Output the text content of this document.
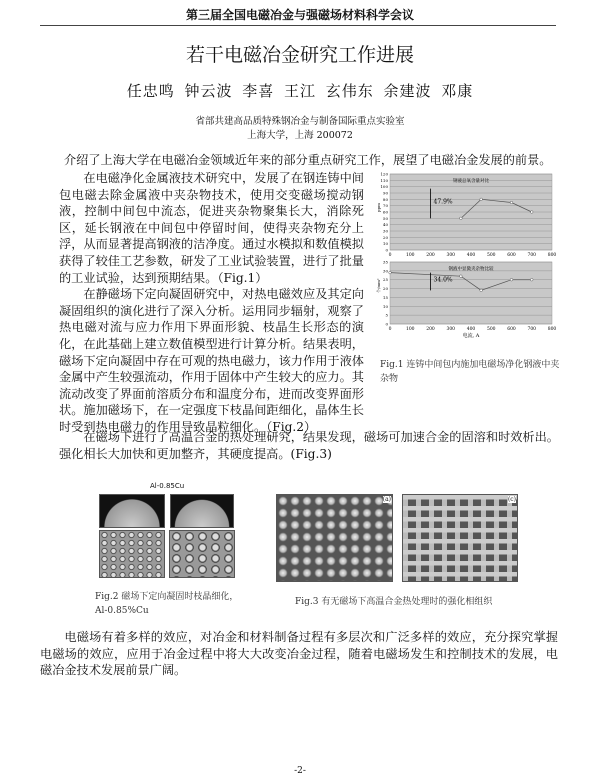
第三届全国电磁冶金与强磁场材料科学会议
若干电磁冶金研究工作进展
任忠鸣 钟云波 李喜 王江 玄伟东 余建波 邓康
省部共建高品质特殊钢冶金与制备国际重点实验室
上海大学，上海 200072

介绍了上海大学在电磁冶金领域近年来的部分重点研究工作，展望了电磁冶金发展的前景。

在电磁净化金属液技术研究中，发展了在钢连铸中间包电磁去除金属液中夹杂物技术，使用交变磁场搅动钢液，控制中间包中流态，促进夹杂物聚集长大，消除死区，延长钢液在中间包中停留时间，使得夹杂物充分上浮，从而显著提高钢液的洁净度。通过水模拟和数值模拟获得了较佳工艺参数，研发了工业试验装置，进行了批量的工业试验，达到预期结果。（Fig.1）

在静磁场下定向凝固研究中，对热电磁效应及其定向凝固组织的演化进行了深入分析。运用同步辐射，观察了热电磁对流与应力作用下界面形貌、枝晶生长形态的演化，在此基础上建立数值模型进行计算分析。结果表明，磁场下定向凝固中存在可观的热电磁力，该力作用于液体金属中产生较强流动，作用于固体中产生较大的应力。其流动改变了界面前溶质分布和温度分布，进而改变界面形状。施加磁场下，在一定强度下枝晶间距细化，晶体生长时受到热电磁力的作用导致晶粒细化。（Fig.2）

0
10
20
30
40
50
60
70
80
90
100
110
120
0	100	200	300	400	500	600	700	800
钢液总氧含量对比
ppm
47.9%
0
5
10
15
20
25
30
35
0	100	200	300	400	500	600	700	800
钢液中显微夹杂物比较
个/mm²
电流, A
34.0%
Fig.1 连铸中间包内施加电磁场净化钢液中夹杂物

在磁场下进行了高温合金的热处理研究，结果发现，磁场可加速合金的固溶和时效析出。强化相长大加快和更加整齐，其硬度提高。(Fig.3)

Al-0.85Cu
Fig.2 磁场下定向凝固时枝晶细化，Al-0.85%Cu
(a)	(c)
Fig.3 有无磁场下高温合金热处理时的强化相组织

电磁场有着多样的效应，对冶金和材料制备过程有多层次和广泛多样的效应，充分探究掌握电磁场的效应，应用于冶金过程中将大大改变冶金过程，随着电磁场发生和控制技术的发展，电磁冶金技术发展前景广阔。

-2-
